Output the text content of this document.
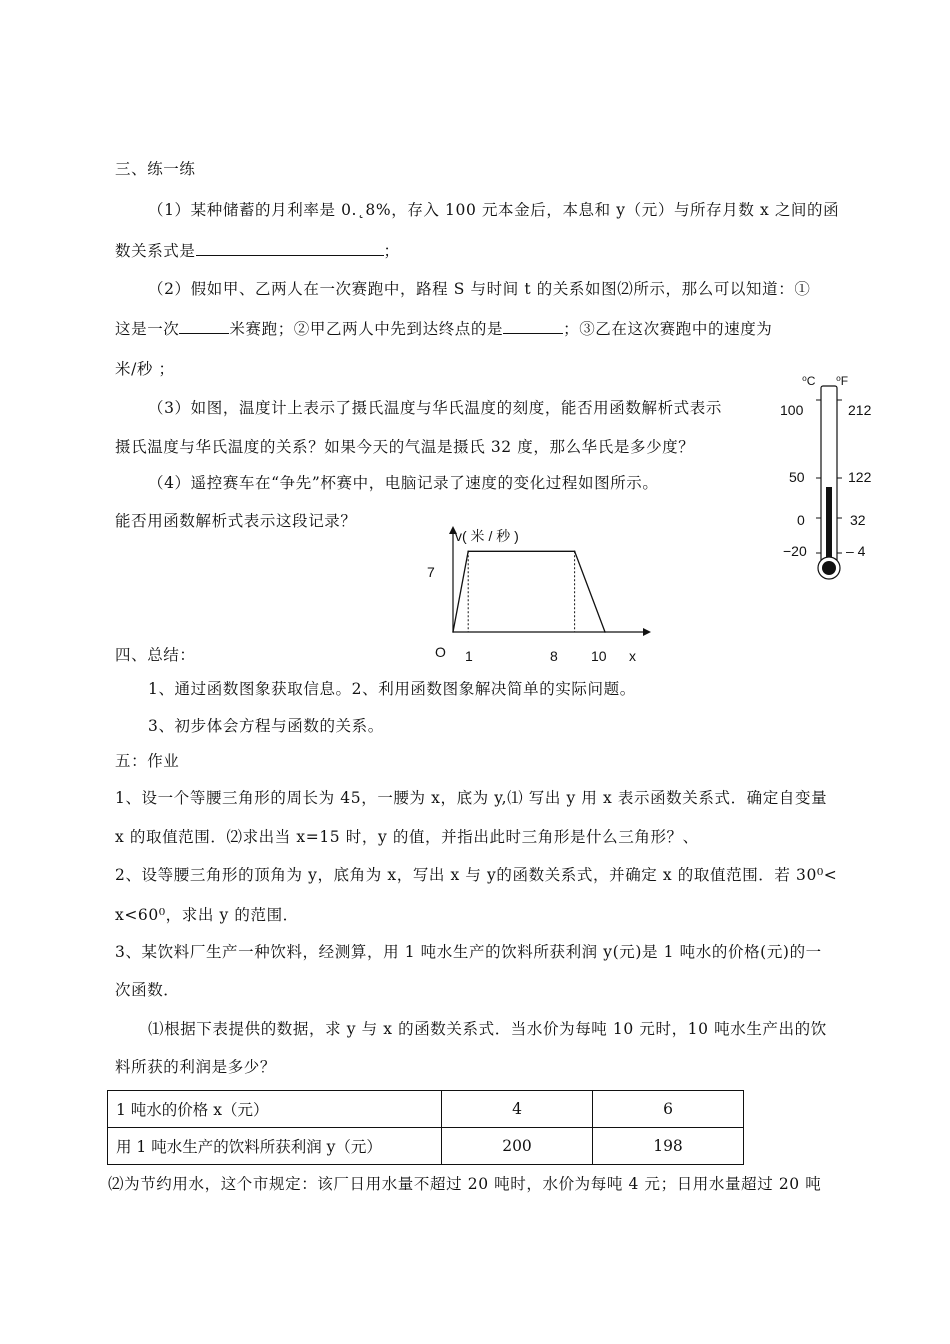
三、练一练
（1）某种储蓄的月利率是 0.˛8%，存入 100 元本金后，本息和 y（元）与所存月数 x 之间的函
数关系式是	；
（2）假如甲、乙两人在一次赛跑中，路程 S 与时间 t 的关系如图⑵所示，那么可以知道：①
这是一次	米赛跑；②甲乙两人中先到达终点的是	；③乙在这次赛跑中的速度为
米/秒 ；
（3）如图，温度计上表示了摄氏温度与华氏温度的刻度，能否用函数解析式表示
摄氏温度与华氏温度的关系？如果今天的气温是摄氏 32 度，那么华氏是多少度？
（4）遥控赛车在“争先”杯赛中，电脑记录了速度的变化过程如图所示。
能否用函数解析式表示这段记录？
⁰C ⁰F
100
50
0
−20
212
122
32
– 4
v( 米 / 秒 )
O	x
7
1	8 10
四、总结：
1、通过函数图象获取信息。2、利用函数图象解决简单的实际问题。
3、初步体会方程与函数的关系。
五：作业
1、设一个等腰三角形的周长为 45，一腰为 x，底为 y,⑴ 写出 y 用 x 表示函数关系式．确定自变量
x 的取值范围．⑵求出当 x=15 时，y 的值，并指出此时三角形是什么三角形？、
2、设等腰三角形的顶角为 y，底角为 x，写出 x 与 y的函数关系式，并确定 x 的取值范围．若 30⁰<
x<60⁰，求出 y 的范围．
3、某饮料厂生产一种饮料，经测算，用 1 吨水生产的饮料所获利润 y(元)是 1 吨水的价格(元)的一
次函数．
⑴根据下表提供的数据，求 y 与 x 的函数关系式．当水价为每吨 10 元时，10 吨水生产出的饮
料所获的利润是多少？
1 吨水的价格 x（元）	4	6
用 1 吨水生产的饮料所获利润 y（元）	200	198
⑵为节约用水，这个市规定：该厂日用水量不超过 20 吨时，水价为每吨 4 元；日用水量超过 20 吨
